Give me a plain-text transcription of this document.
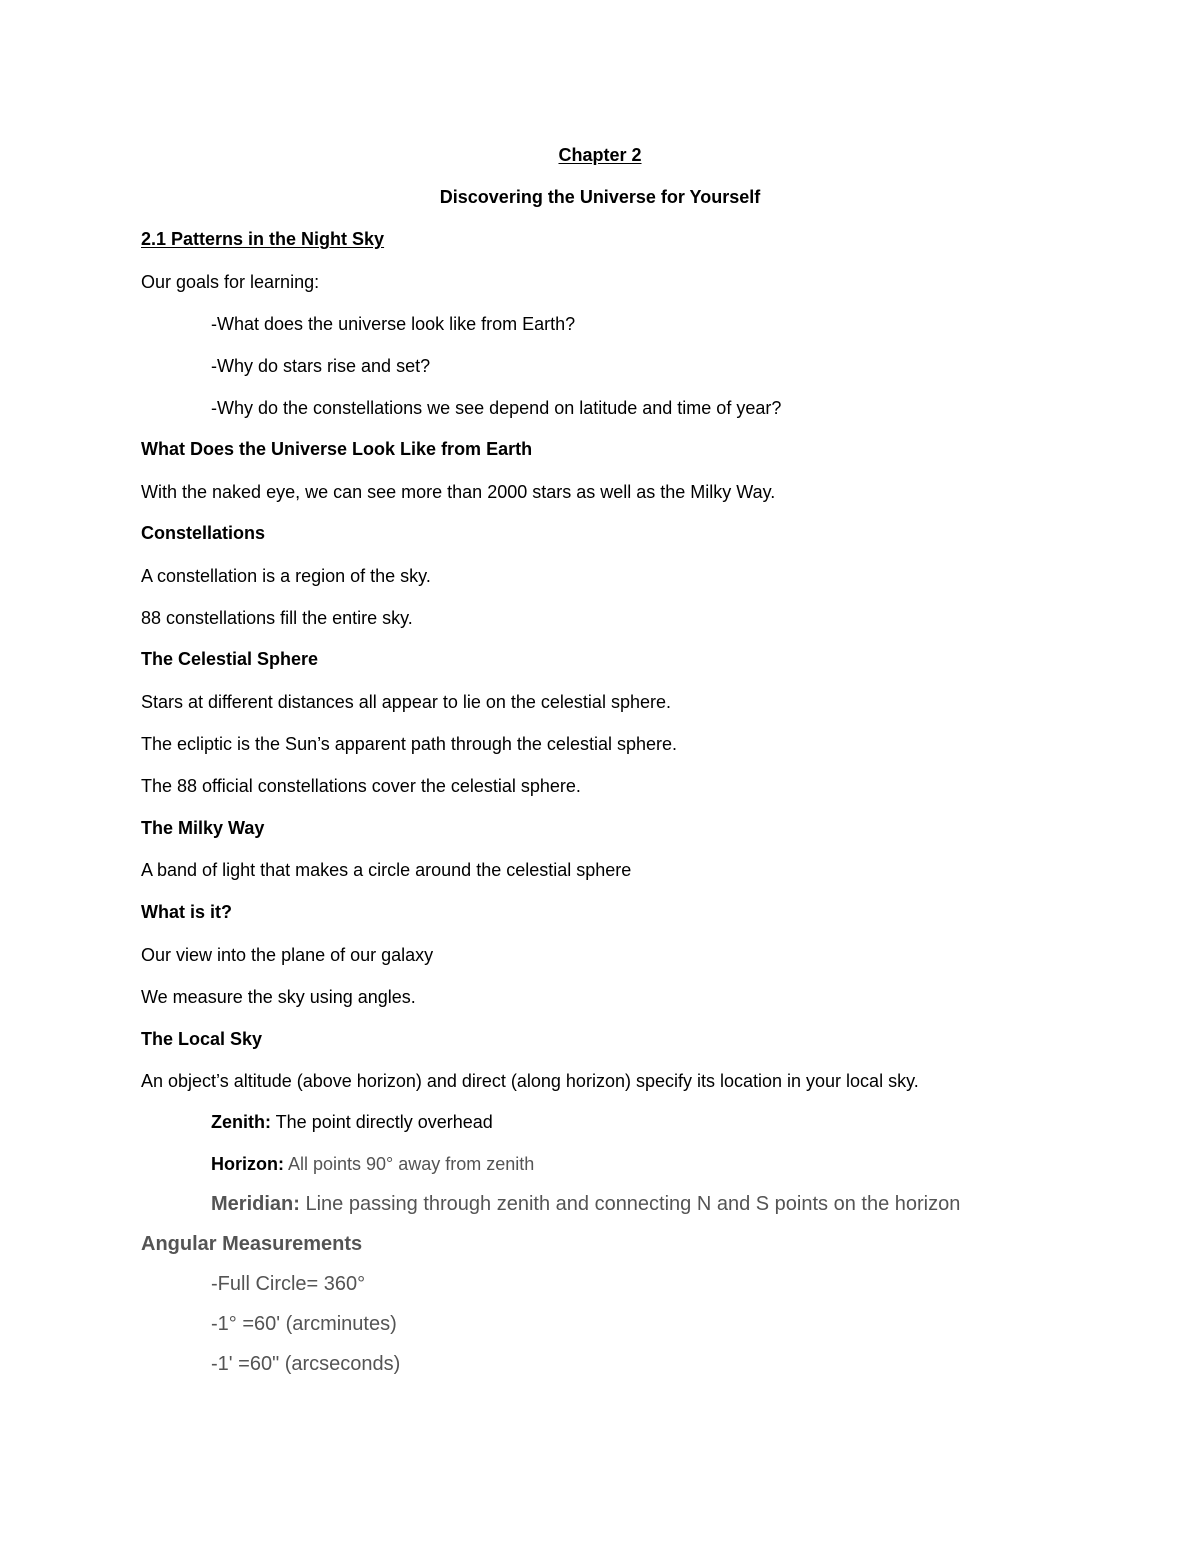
Chapter 2
Discovering the Universe for Yourself
2.1 Patterns in the Night Sky
Our goals for learning:
-What does the universe look like from Earth?
-Why do stars rise and set?
-Why do the constellations we see depend on latitude and time of year?
What Does the Universe Look Like from Earth
With the naked eye, we can see more than 2000 stars as well as the Milky Way.
Constellations
A constellation is a region of the sky.
88 constellations fill the entire sky.
The Celestial Sphere
Stars at different distances all appear to lie on the celestial sphere.
The ecliptic is the Sun’s apparent path through the celestial sphere.
The 88 official constellations cover the celestial sphere.
The Milky Way
A band of light that makes a circle around the celestial sphere
What is it?
Our view into the plane of our galaxy
We measure the sky using angles.
The Local Sky
An object’s altitude (above horizon) and direct (along horizon) specify its location in your local sky.
Zenith: The point directly overhead
Horizon: All points 90° away from zenith
Meridian: Line passing through zenith and connecting N and S points on the horizon
Angular Measurements
-Full Circle= 360°
-1° =60' (arcminutes)
-1' =60" (arcseconds)
